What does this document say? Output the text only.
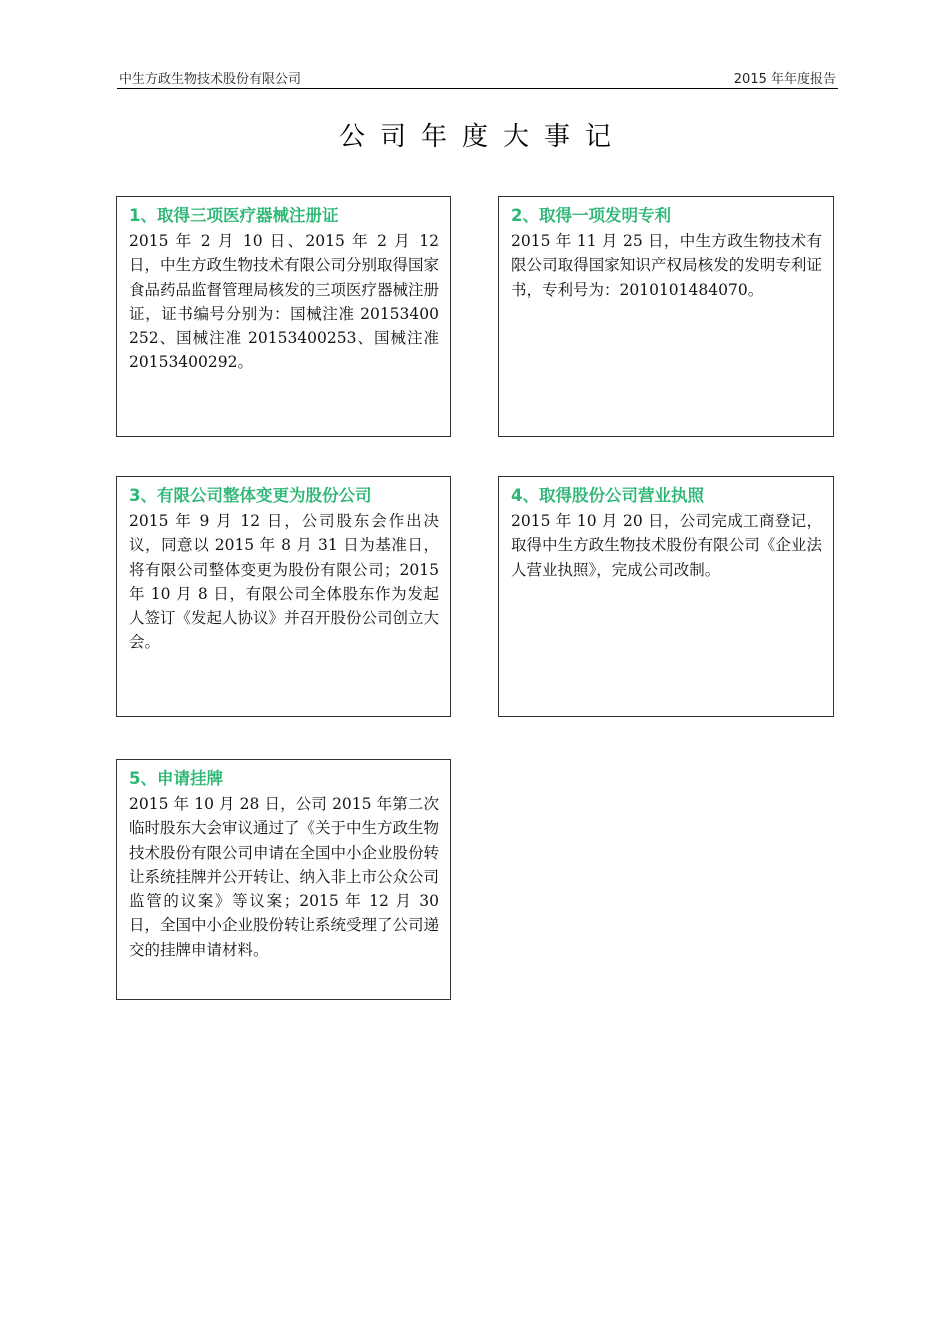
中生方政生物技术股份有限公司	2015 年年度报告
公司年度大事记
1、取得三项医疗器械注册证
2015 年 2 月 10 日、2015 年 2 月 12 日，中生方政生物技术有限公司分别取得国家食品药品监督管理局核发的三项医疗器械注册证，证书编号分别为：国械注准 20153400252、国械注准 20153400253、国械注准 20153400292。
2、取得一项发明专利
2015 年 11 月 25 日，中生方政生物技术有限公司取得国家知识产权局核发的发明专利证书，专利号为：2010101484070。
3、有限公司整体变更为股份公司
2015 年 9 月 12 日，公司股东会作出决议，同意以 2015 年 8 月 31 日为基准日，将有限公司整体变更为股份有限公司；2015 年 10 月 8 日，有限公司全体股东作为发起人签订《发起人协议》并召开股份公司创立大会。
4、取得股份公司营业执照
2015 年 10 月 20 日，公司完成工商登记，取得中生方政生物技术股份有限公司《企业法人营业执照》，完成公司改制。
5、申请挂牌
2015 年 10 月 28 日，公司 2015 年第二次临时股东大会审议通过了《关于中生方政生物技术股份有限公司申请在全国中小企业股份转让系统挂牌并公开转让、纳入非上市公众公司监管的议案》等议案；2015 年 12 月 30 日，全国中小企业股份转让系统受理了公司递交的挂牌申请材料。
